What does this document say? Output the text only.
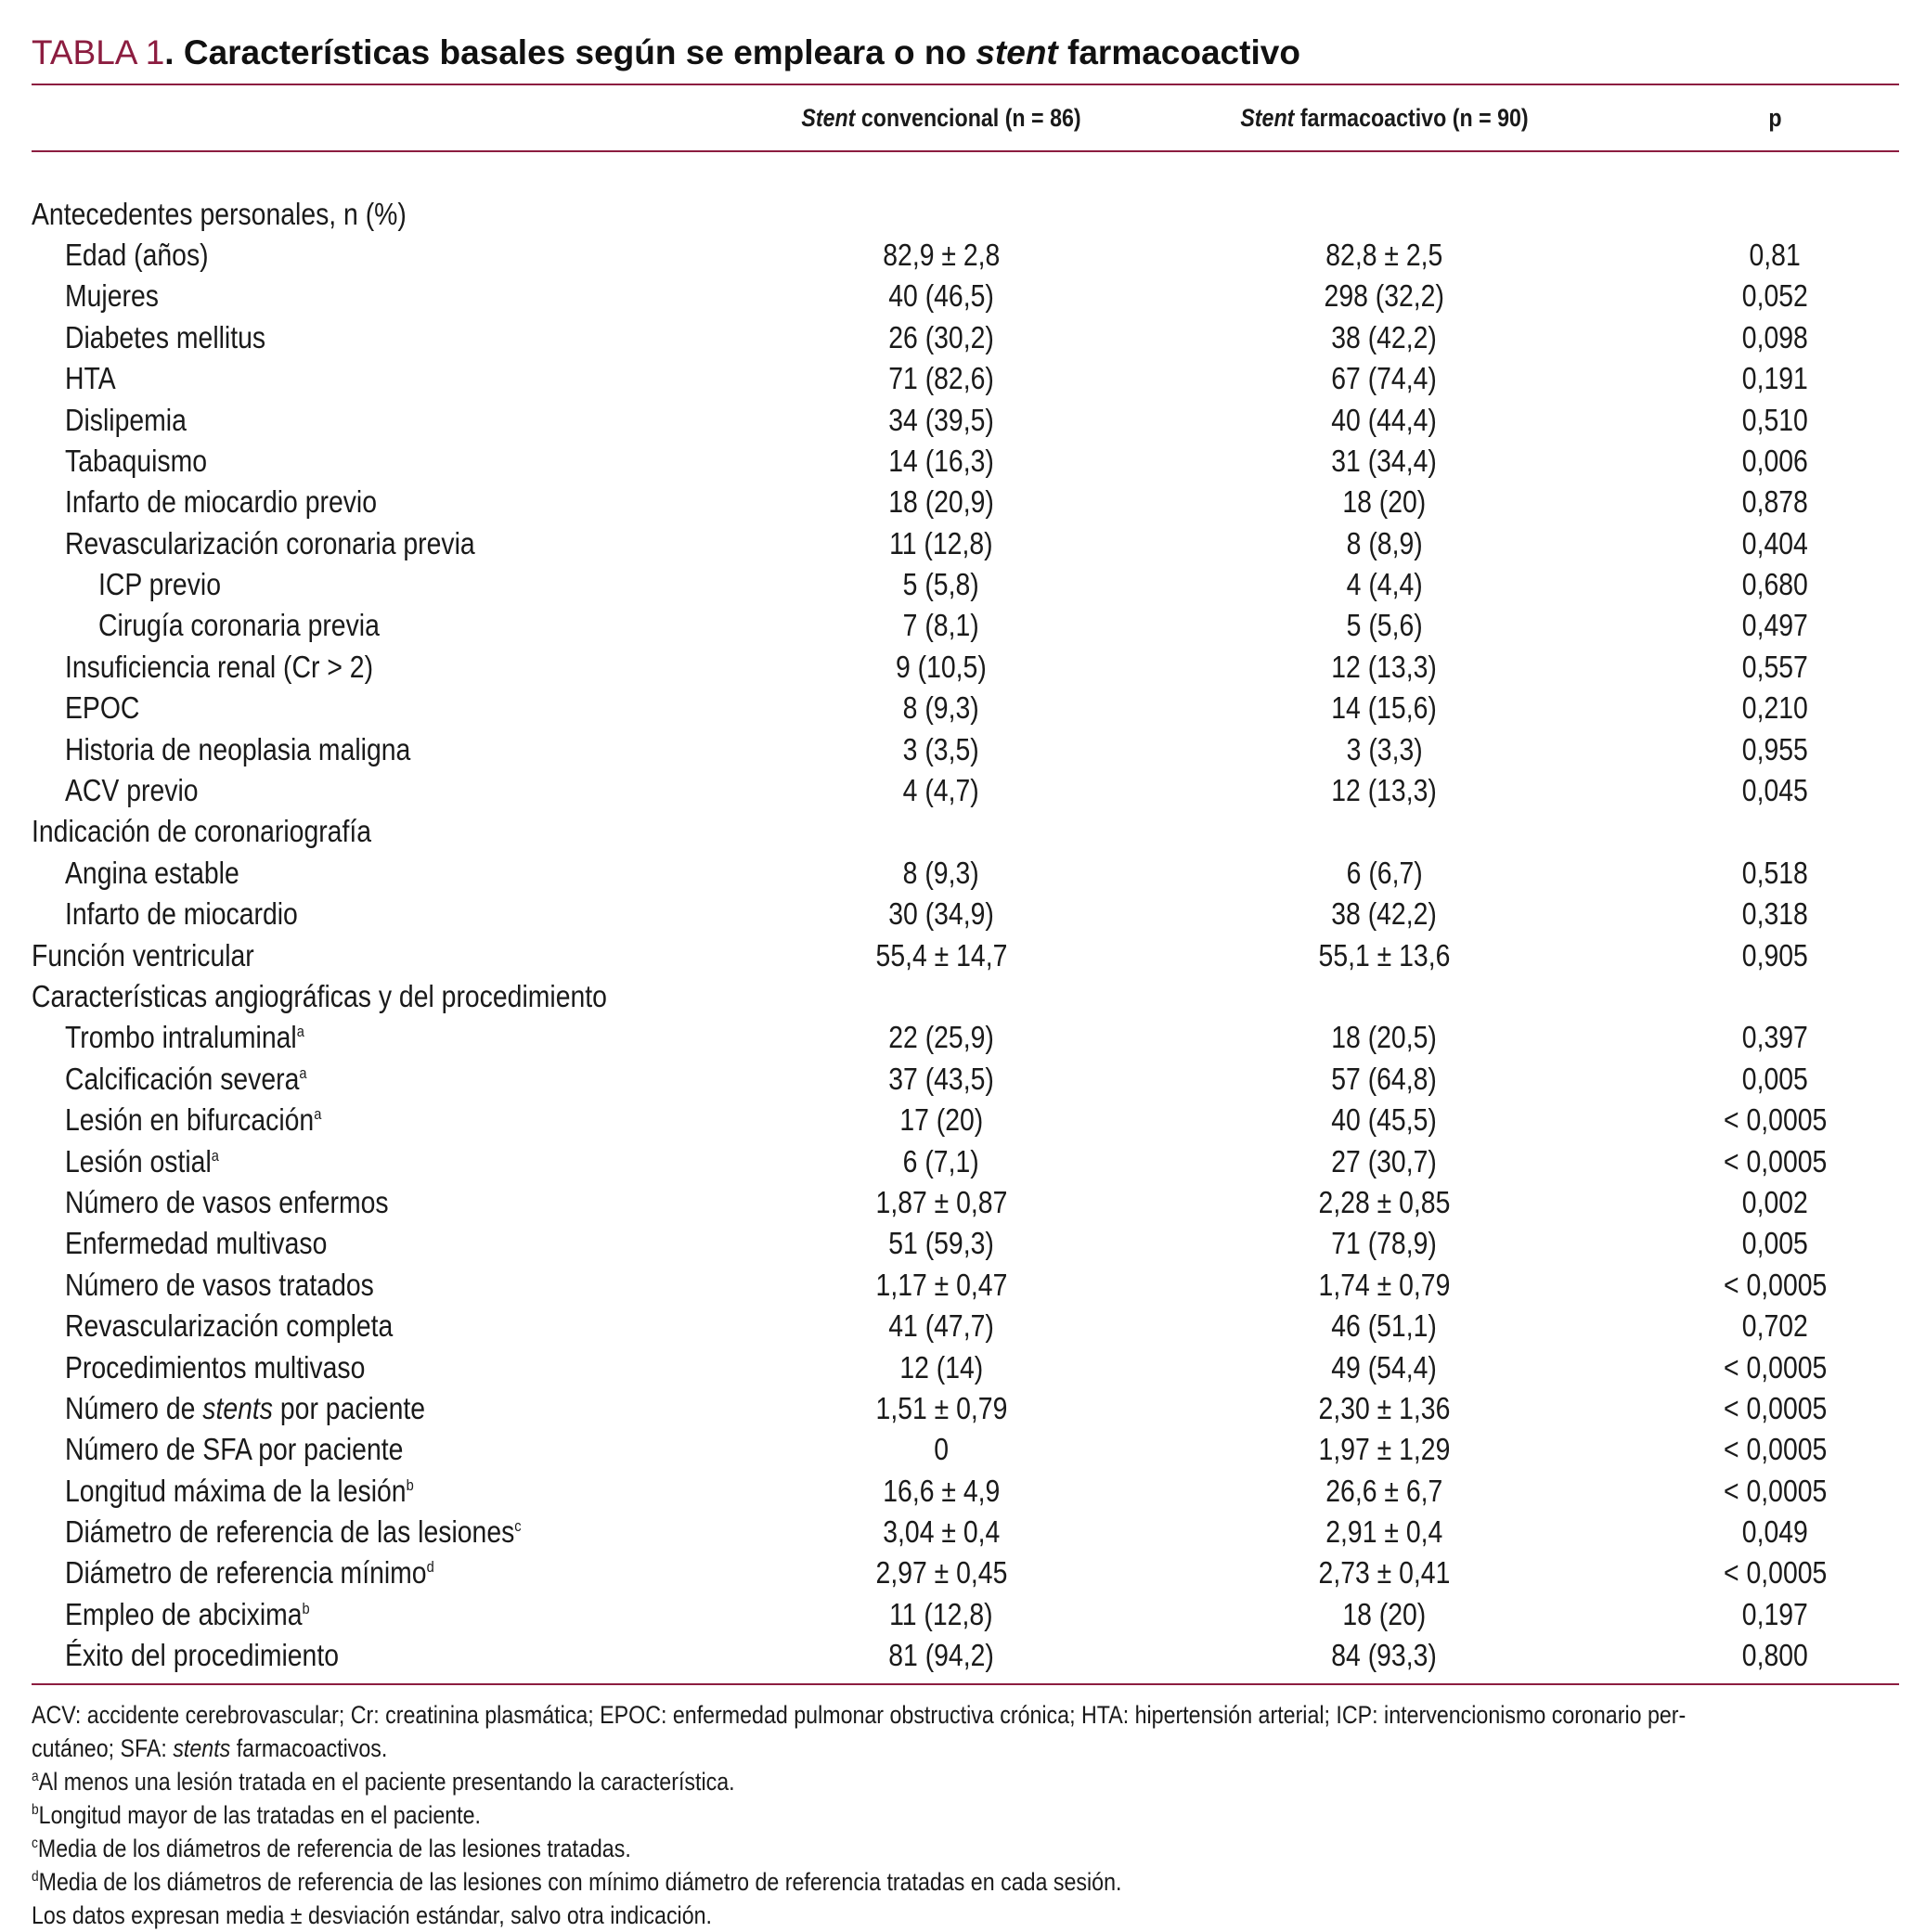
TABLA 1. Características basales según se empleara o no stent farmacoactivo
	Stent convencional (n = 86)	Stent farmacoactivo (n = 90)	p

Antecedentes personales, n (%)			
Edad (años)	82,9 ± 2,8	82,8 ± 2,5	0,81
Mujeres	40 (46,5)	298 (32,2)	0,052
Diabetes mellitus	26 (30,2)	38 (42,2)	0,098
HTA	71 (82,6)	67 (74,4)	0,191
Dislipemia	34 (39,5)	40 (44,4)	0,510
Tabaquismo	14 (16,3)	31 (34,4)	0,006
Infarto de miocardio previo	18 (20,9)	18 (20)	0,878
Revascularización coronaria previa	11 (12,8)	8 (8,9)	0,404
ICP previo	5 (5,8)	4 (4,4)	0,680
Cirugía coronaria previa	7 (8,1)	5 (5,6)	0,497
Insuficiencia renal (Cr > 2)	9 (10,5)	12 (13,3)	0,557
EPOC	8 (9,3)	14 (15,6)	0,210
Historia de neoplasia maligna	3 (3,5)	3 (3,3)	0,955
ACV previo	4 (4,7)	12 (13,3)	0,045
Indicación de coronariografía			
Angina estable	8 (9,3)	6 (6,7)	0,518
Infarto de miocardio	30 (34,9)	38 (42,2)	0,318
Función ventricular	55,4 ± 14,7	55,1 ± 13,6	0,905
Características angiográficas y del procedimiento			
Trombo intraluminal$^a$	22 (25,9)	18 (20,5)	0,397
Calcificación severa$^a$	37 (43,5)	57 (64,8)	0,005
Lesión en bifurcación$^a$	17 (20)	40 (45,5)	< 0,0005
Lesión ostial$^a$	6 (7,1)	27 (30,7)	< 0,0005
Número de vasos enfermos	1,87 ± 0,87	2,28 ± 0,85	0,002
Enfermedad multivaso	51 (59,3)	71 (78,9)	0,005
Número de vasos tratados	1,17 ± 0,47	1,74 ± 0,79	< 0,0005
Revascularización completa	41 (47,7)	46 (51,1)	0,702
Procedimientos multivaso	12 (14)	49 (54,4)	< 0,0005
Número de stents por paciente	1,51 ± 0,79	2,30 ± 1,36	< 0,0005
Número de SFA por paciente	0	1,97 ± 1,29	< 0,0005
Longitud máxima de la lesión$^b$	16,6 ± 4,9	26,6 ± 6,7	< 0,0005
Diámetro de referencia de las lesiones$^c$	3,04 ± 0,4	2,91 ± 0,4	0,049
Diámetro de referencia mínimo$^d$	2,97 ± 0,45	2,73 ± 0,41	< 0,0005
Empleo de abcixima$^b$	11 (12,8)	18 (20)	0,197
Éxito del procedimiento	81 (94,2)	84 (93,3)	0,800

ACV: accidente cerebrovascular; Cr: creatinina plasmática; EPOC: enfermedad pulmonar obstructiva crónica; HTA: hipertensión arterial; ICP: intervencionismo coronario per-

cutáneo; SFA: stents farmacoactivos.

$^a$Al menos una lesión tratada en el paciente presentando la característica.

$^b$Longitud mayor de las tratadas en el paciente.

$^c$Media de los diámetros de referencia de las lesiones tratadas.

$^d$Media de los diámetros de referencia de las lesiones con mínimo diámetro de referencia tratadas en cada sesión.

Los datos expresan media ± desviación estándar, salvo otra indicación.
